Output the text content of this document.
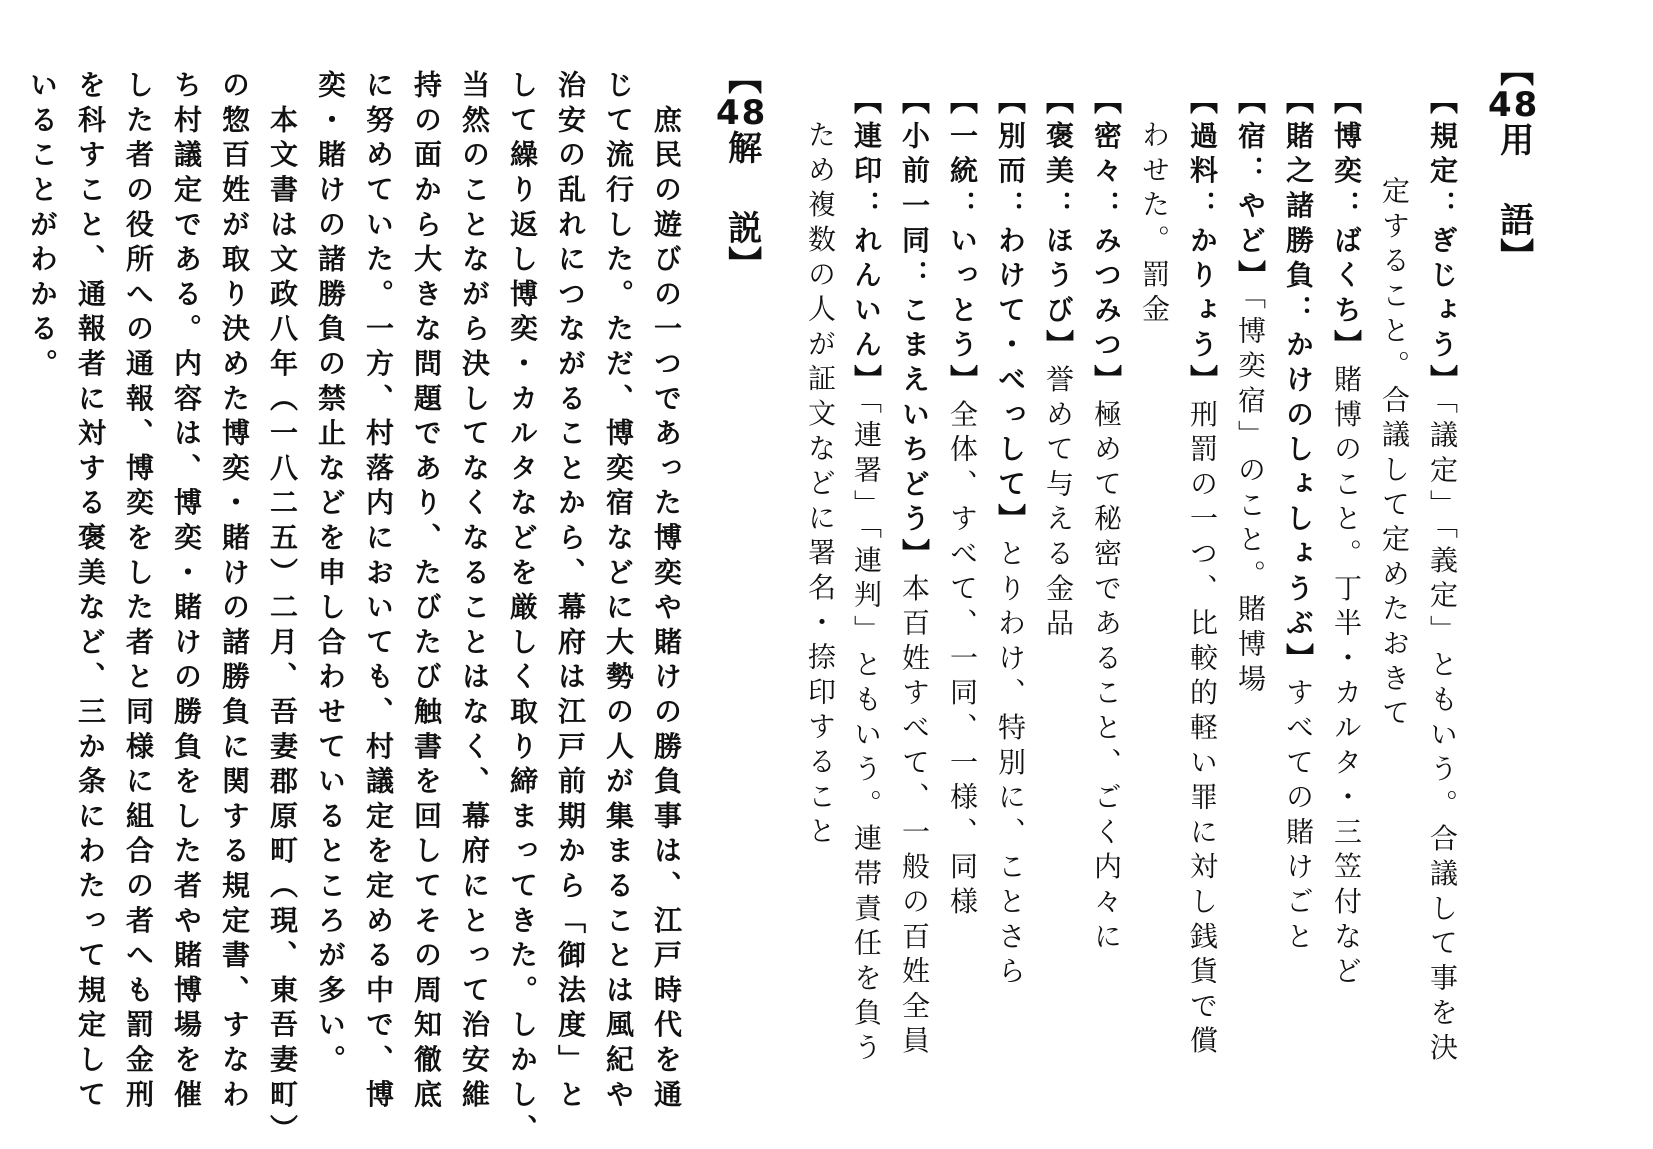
【48用語】
【規定：ぎじょう】「議定」「義定」ともいう。合議して事を決
定すること。合議して定めたおきて
【博奕：ばくち】賭博のこと。丁半・カルタ・三笠付など
【賭之諸勝負：かけのしょしょうぶ】すべての賭けごと
【宿：やど】「博奕宿」のこと。賭博場
【過料：かりょう】刑罰の一つ、比較的軽い罪に対し銭貨で償
わせた。罰金
【密々：みつみつ】極めて秘密であること、ごく内々に
【褒美：ほうび】誉めて与える金品
【別而：わけて・べっして】とりわけ、特別に、ことさら
【一統：いっとう】全体、すべて、一同、一様、同様
【小前一同：こまえいちどう】本百姓すべて、一般の百姓全員
【連印：れんいん】「連署」「連判」ともいう。連帯責任を負う
ため複数の人が証文などに署名・捺印すること
【48解説】
　庶民の遊びの一つであった博奕や賭けの勝負事は、江戸時代を通
じて流行した。ただ、博奕宿などに大勢の人が集まることは風紀や
治安の乱れにつながることから、幕府は江戸前期から「御法度」と
して繰り返し博奕・カルタなどを厳しく取り締まってきた。しかし、
当然のことながら決してなくなることはなく、幕府にとって治安維
持の面から大きな問題であり、たびたび触書を回してその周知徹底
に努めていた。一方、村落内においても、村議定を定める中で、博
奕・賭けの諸勝負の禁止などを申し合わせているところが多い。
　本文書は文政八年（一八二五）二月、吾妻郡原町（現、東吾妻町）
の惣百姓が取り決めた博奕・賭けの諸勝負に関する規定書、すなわ
ち村議定である。内容は、博奕・賭けの勝負をした者や賭博場を催
した者の役所への通報、博奕をした者と同様に組合の者へも罰金刑
を科すこと、通報者に対する褒美など、三か条にわたって規定して
いることがわかる。
